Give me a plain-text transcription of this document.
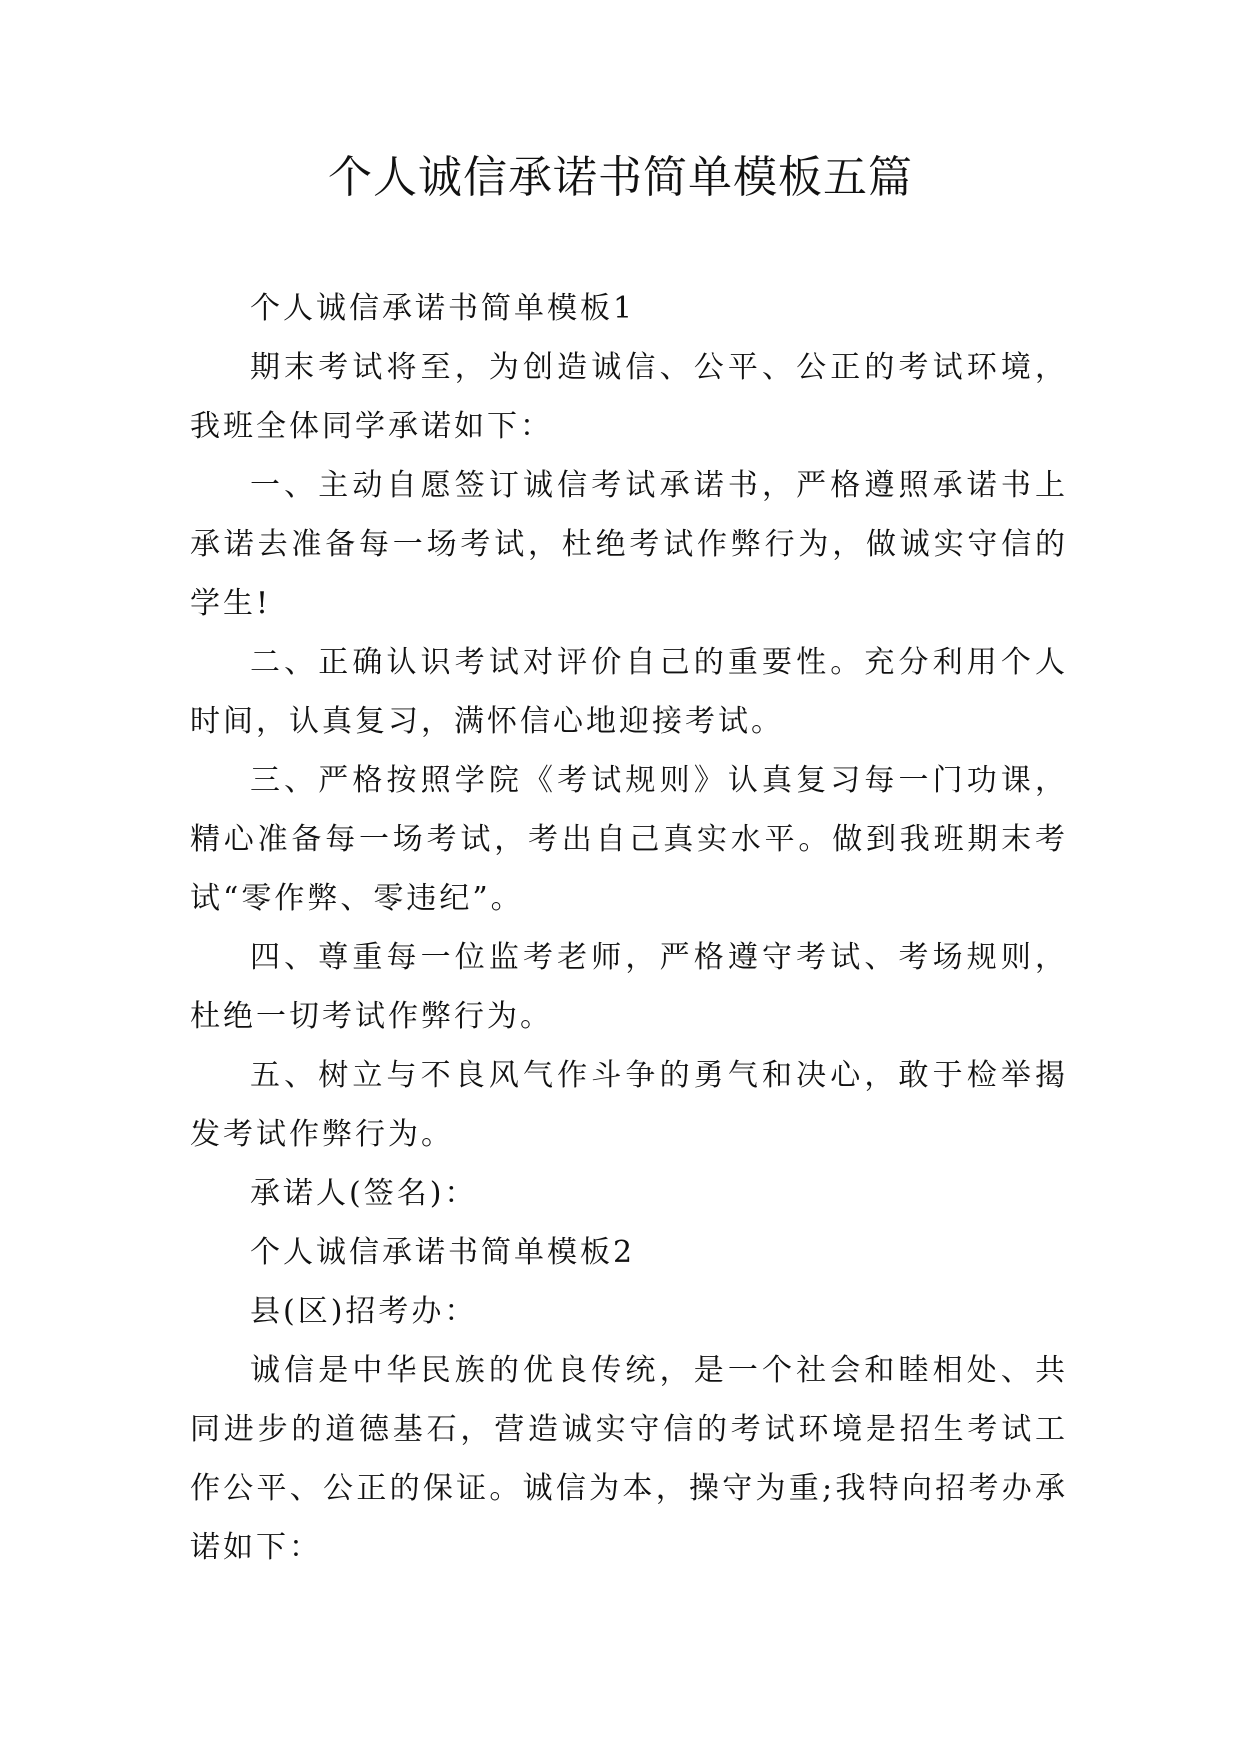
个人诚信承诺书简单模板五篇

个人诚信承诺书简单模板1

期末考试将至，为创造诚信、公平、公正的考试环境，我班全体同学承诺如下：

一、主动自愿签订诚信考试承诺书，严格遵照承诺书上承诺去准备每一场考试，杜绝考试作弊行为，做诚实守信的学生!

二、正确认识考试对评价自己的重要性。充分利用个人时间，认真复习，满怀信心地迎接考试。

三、严格按照学院《考试规则》认真复习每一门功课，精心准备每一场考试，考出自己真实水平。做到我班期末考试“零作弊、零违纪”。

四、尊重每一位监考老师，严格遵守考试、考场规则，杜绝一切考试作弊行为。

五、树立与不良风气作斗争的勇气和决心，敢于检举揭发考试作弊行为。

承诺人(签名)：

个人诚信承诺书简单模板2

县(区)招考办：

诚信是中华民族的优良传统，是一个社会和睦相处、共同进步的道德基石，营造诚实守信的考试环境是招生考试工作公平、公正的保证。诚信为本，操守为重;我特向招考办承诺如下：
